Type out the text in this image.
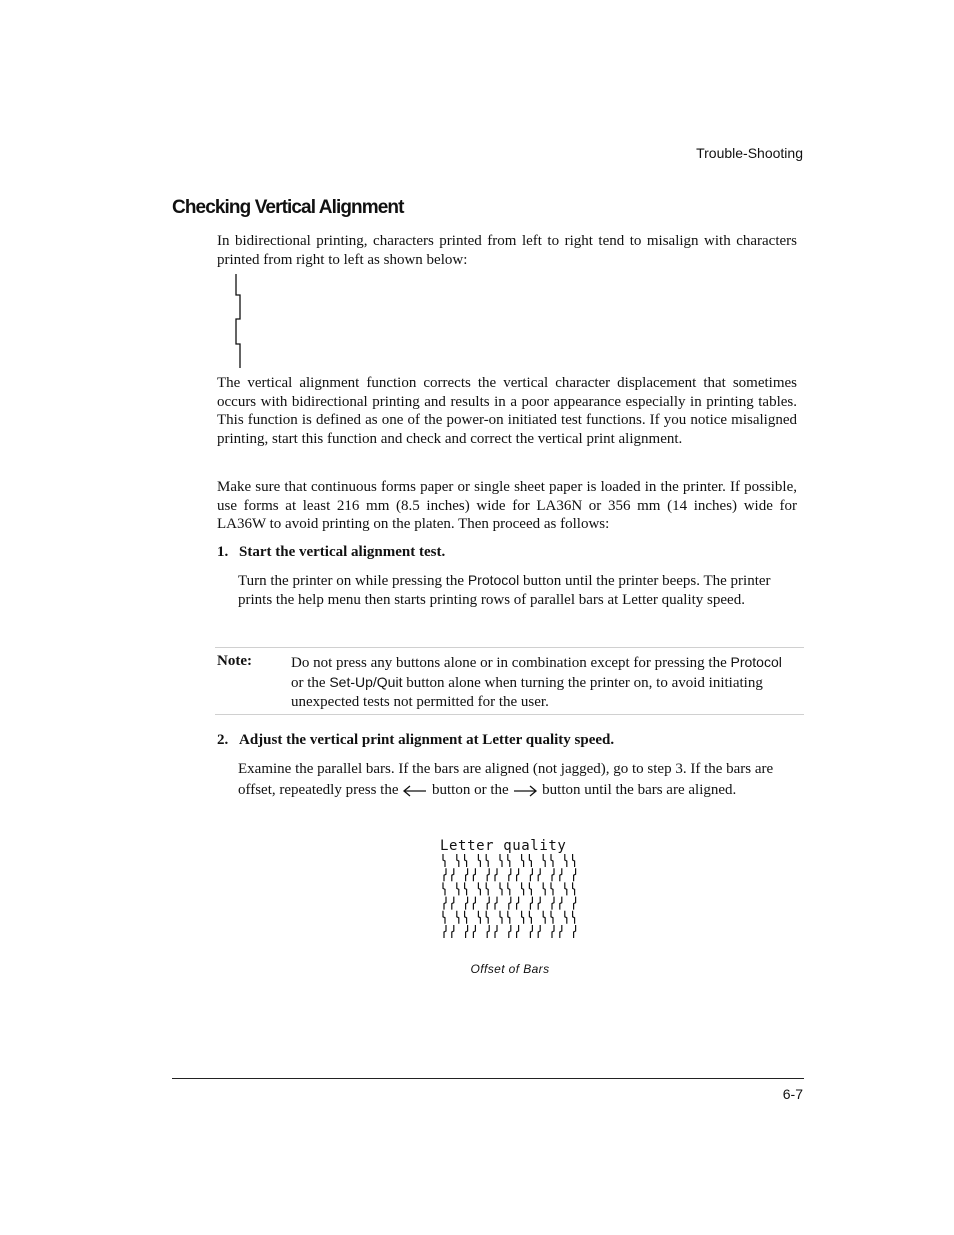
Trouble-Shooting
Checking Vertical Alignment

In bidirectional printing, characters printed from left to right tend to misalign with characters printed from right to left as shown below:

The vertical alignment function corrects the vertical character displacement that sometimes occurs with bidirectional printing and results in a poor appearance especially in printing tables. This function is defined as one of the power-on initiated test functions. If you notice misaligned printing, start this function and check and correct the vertical print alignment.

Make sure that continuous forms paper or single sheet paper is loaded in the printer. If possible, use forms at least 216 mm (8.5 inches) wide for LA36N or 356 mm (14 inches) wide for LA36W to avoid printing on the platen. Then proceed as follows:

1. Start the vertical alignment test.

Turn the printer on while pressing the Protocol button until the printer beeps. The printer prints the help menu then starts printing rows of parallel bars at Letter quality speed.

Note:	Do not press any buttons alone or in combination except for pressing the Protocol or the Set-Up/Quit button alone when turning the printer on, to avoid initiating unexpected tests not permitted for the user.

2. Adjust the vertical print alignment at Letter quality speed.

Examine the parallel bars. If the bars are aligned (not jagged), go to step 3. If the bars are offset, repeatedly press the  button or the  button until the bars are aligned.

Letter quality
Offset of Bars
6-7
